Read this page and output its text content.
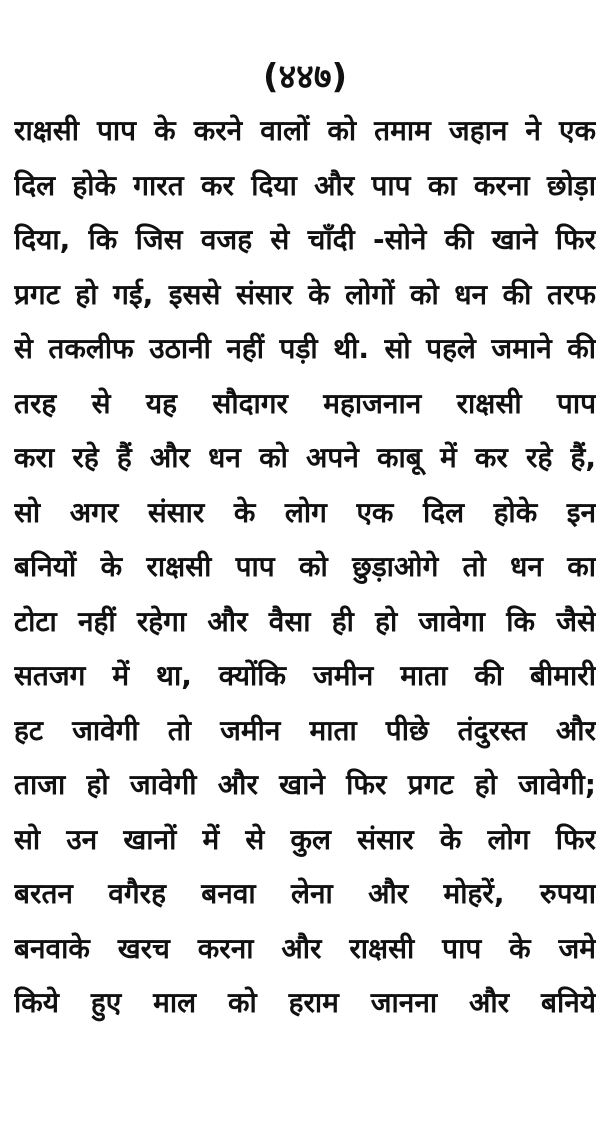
(४४७)
राक्षसी पाप के करने वालों को तमाम जहान ने एक
दिल होके गारत कर दिया और पाप का करना छोड़ा
दिया, कि जिस वजह से चाँदी -सोने की खाने फिर
प्रगट हो गई, इससे संसार के लोगों को धन की तरफ
से तकलीफ उठानी नहीं पड़ी थी. सो पहले जमाने की
तरह से यह सौदागर महाजनान राक्षसी पाप
करा रहे हैं और धन को अपने काबू में कर रहे हैं,
सो अगर संसार के लोग एक दिल होके इन
बनियों के राक्षसी पाप को छुड़ाओगे तो धन का
टोटा नहीं रहेगा और वैसा ही हो जावेगा कि जैसे
सतजग में था, क्योंकि जमीन माता की बीमारी
हट जावेगी तो जमीन माता पीछे तंदुरस्त और
ताजा हो जावेगी और खाने फिर प्रगट हो जावेगी;
सो उन खानों में से कुल संसार के लोग फिर
बरतन वगैरह बनवा लेना और मोहरें, रुपया
बनवाके खरच करना और राक्षसी पाप के जमे
किये हुए माल को हराम जानना और बनिये
